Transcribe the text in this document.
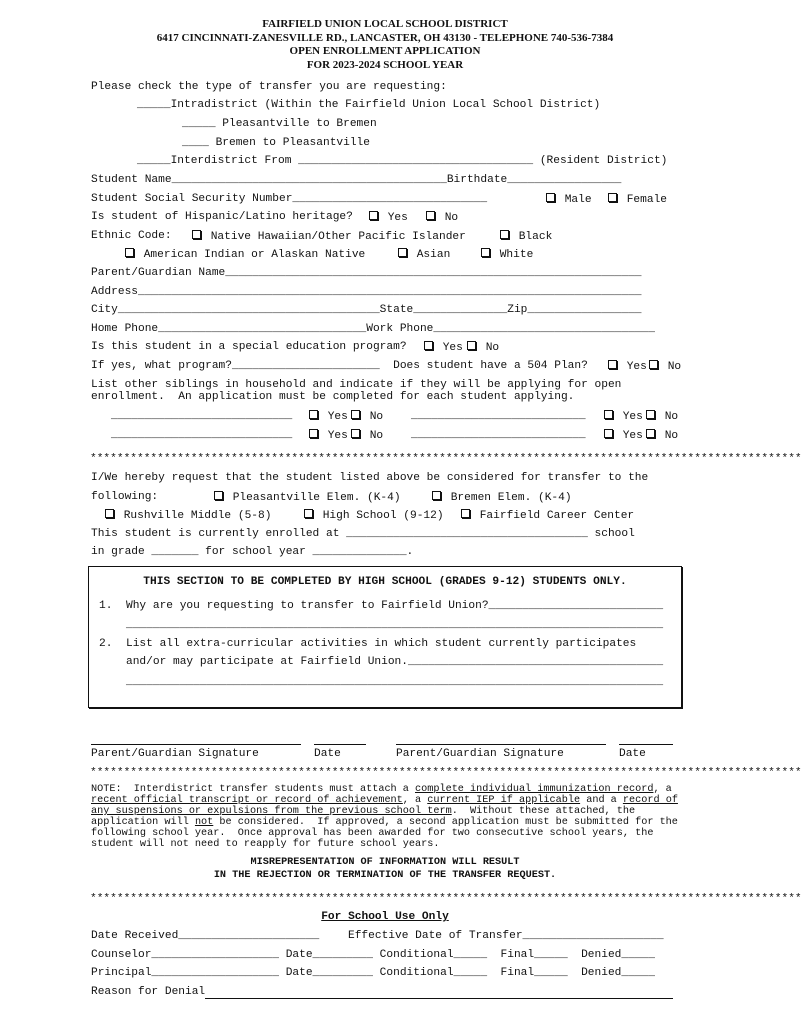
FAIRFIELD UNION LOCAL SCHOOL DISTRICT
6417 CINCINNATI-ZANESVILLE RD., LANCASTER, OH 43130 - TELEPHONE 740-536-7384
OPEN ENROLLMENT APPLICATION
FOR 2023-2024 SCHOOL YEAR
Please check the type of transfer you are requesting:
_____Intradistrict (Within the Fairfield Union Local School District)
_____ Pleasantville to Bremen
____ Bremen to Pleasantville
_____Interdistrict From ___________________________________ (Resident District)
Student Name_________________________________________Birthdate_________________
Student Social Security Number_____________________________	Male	Female
Is student of Hispanic/Latino heritage?	Yes	No
Ethnic Code:	Native Hawaiian/Other Pacific Islander	Black
American Indian or Alaskan Native	Asian	White
Parent/Guardian Name______________________________________________________________
Address___________________________________________________________________________
City_______________________________________State______________Zip_________________
Home Phone_______________________________Work Phone_________________________________
Is this student in a special education program?	Yes	No
If yes, what program?______________________  Does student have a 504 Plan?	Yes	No
List other siblings in household and indicate if they will be applying for open
enrollment.  An application must be completed for each student applying.
___________________________	Yes	No __________________________	Yes	No
___________________________	Yes	No __________________________	Yes	No
**********************************************************************************************************
I/We hereby request that the student listed above be considered for transfer to the
following:	Pleasantville Elem. (K-4)	Bremen Elem. (K-4)
Rushville Middle (5-8)	High School (9-12)	Fairfield Career Center
This student is currently enrolled at ____________________________________ school
in grade _______ for school year ______________.
THIS SECTION TO BE COMPLETED BY HIGH SCHOOL (GRADES 9-12) STUDENTS ONLY.
1. Why are you requesting to transfer to Fairfield Union?__________________________
________________________________________________________________________________
2. List all extra-curricular activities in which student currently participates
and/or may participate at Fairfield Union.______________________________________
________________________________________________________________________________
Parent/Guardian Signature	Date	Parent/Guardian Signature	Date
**********************************************************************************************************
NOTE:  Interdistrict transfer students must attach a complete individual immunization record, a
recent official transcript or record of achievement, a current IEP if applicable and a record of
any suspensions or expulsions from the previous school term.  Without these attached, the
application will not be considered.  If approved, a second application must be submitted for the
following school year.  Once approval has been awarded for two consecutive school years, the
student will not need to reapply for future school years.
MISREPRESENTATION OF INFORMATION WILL RESULT
IN THE REJECTION OR TERMINATION OF THE TRANSFER REQUEST.
**********************************************************************************************************
For School Use Only
Date Received_____________________	Effective Date of Transfer_____________________
Counselor___________________ Date_________ Conditional_____  Final_____  Denied_____
Principal___________________ Date_________ Conditional_____  Final_____  Denied_____
Reason for Denial
